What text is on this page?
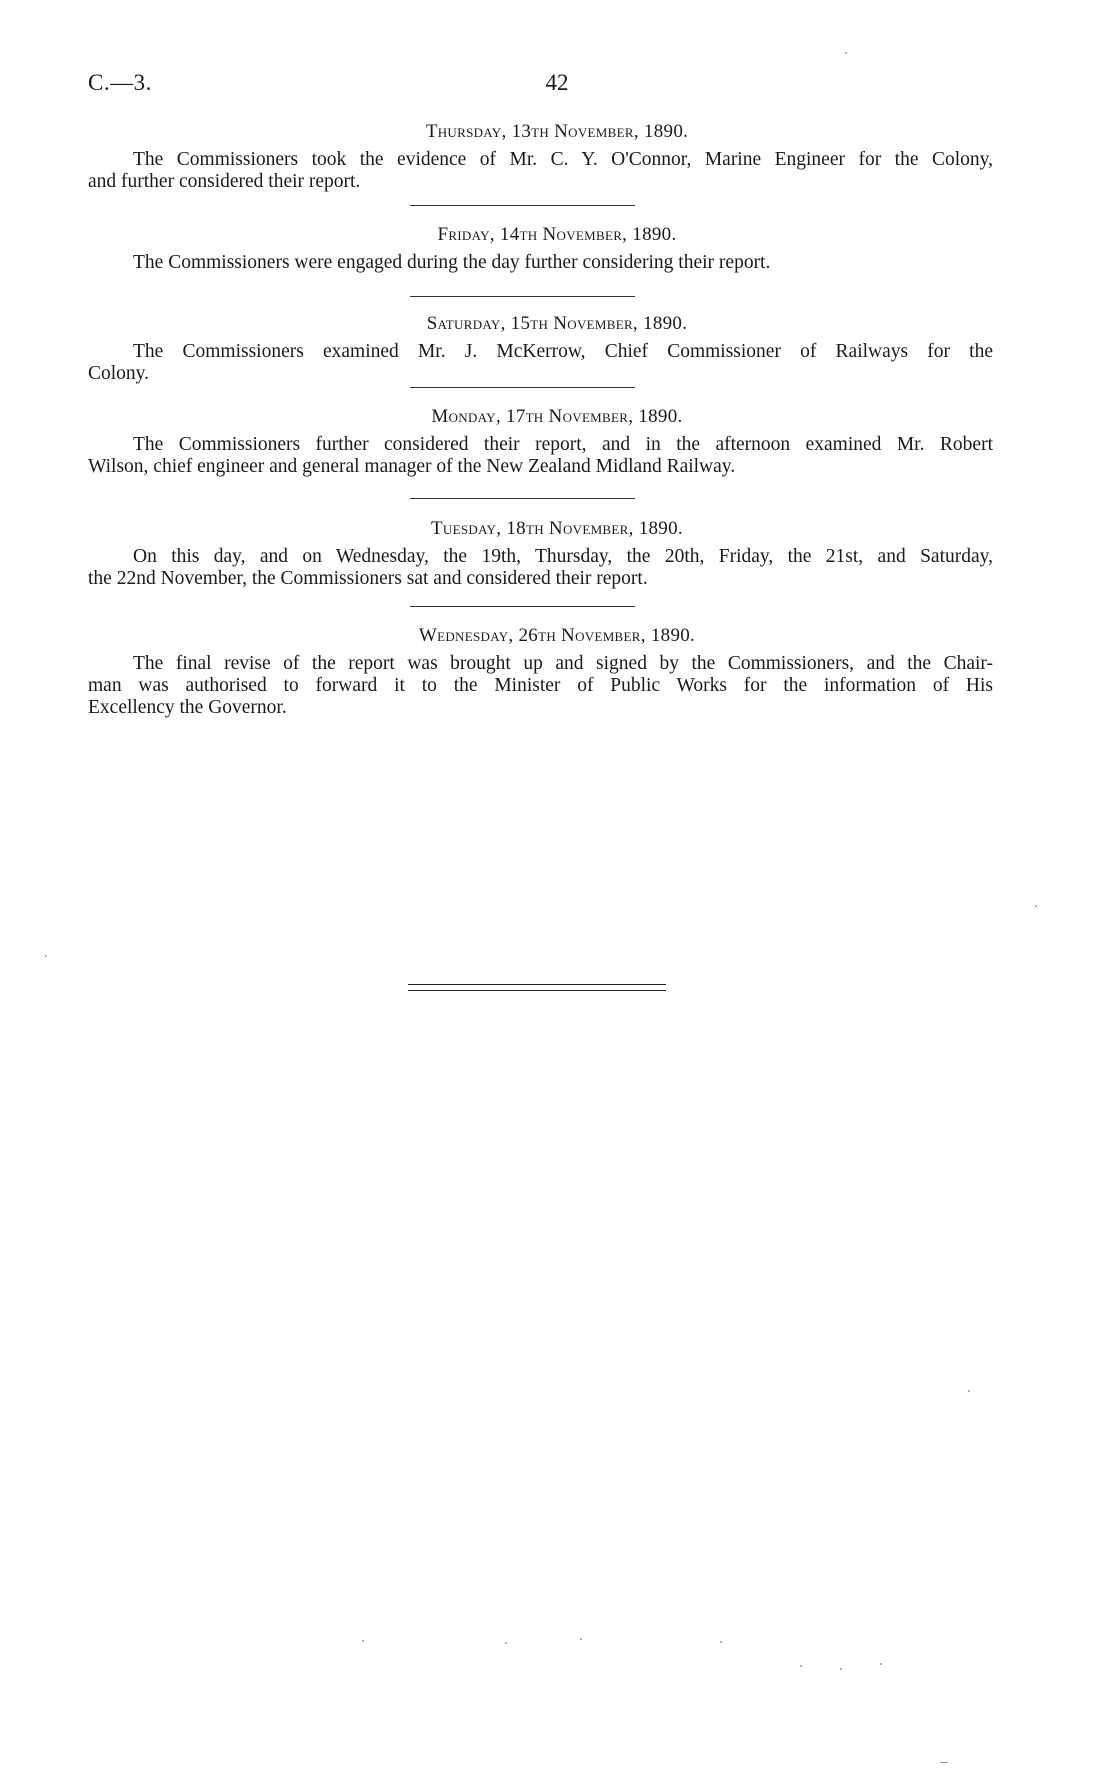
C.—3.	42
Thursday, 13th November, 1890.
The Commissioners took the evidence of Mr. C. Y. O'Connor, Marine Engineer for the Colony,
and further considered their report.
Friday, 14th November, 1890.
The Commissioners were engaged during the day further considering their report.
Saturday, 15th November, 1890.
The Commissioners examined Mr. J. McKerrow, Chief Commissioner of Railways for the
Colony.
Monday, 17th November, 1890.
The Commissioners further considered their report, and in the afternoon examined Mr. Robert
Wilson, chief engineer and general manager of the New Zealand Midland Railway.
Tuesday, 18th November, 1890.
On this day, and on Wednesday, the 19th, Thursday, the 20th, Friday, the 21st, and Saturday,
the 22nd November, the Commissioners sat and considered their report.
Wednesday, 26th November, 1890.
The final revise of the report was brought up and signed by the Commissioners, and the Chair-
man was authorised to forward it to the Minister of Public Works for the information of His
Excellency the Governor.
